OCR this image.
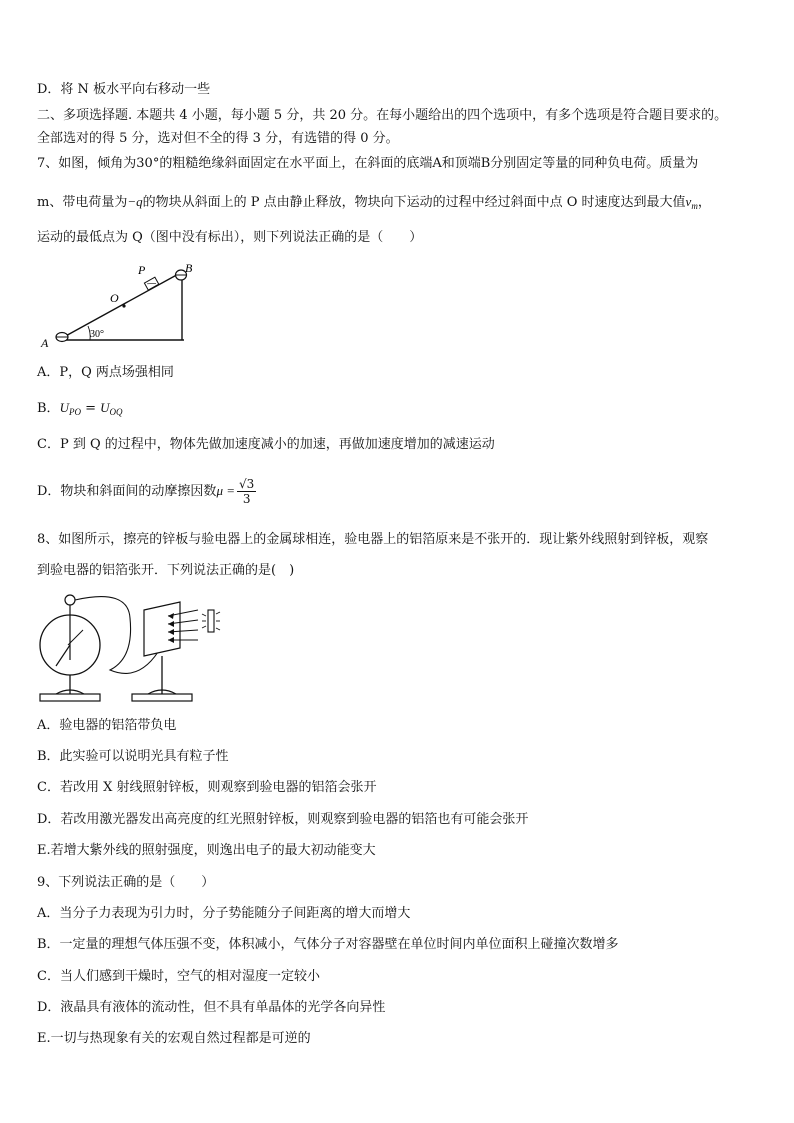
D．将 N 板水平向右移动一些
二、多项选择题. 本题共 4 小题，每小题 5 分，共 20 分。在每小题给出的四个选项中，有多个选项是符合题目要求的。
全部选对的得 5 分，选对但不全的得 3 分，有选错的得 0 分。
7、如图，倾角为30°的粗糙绝缘斜面固定在水平面上，在斜面的底端A和顶端B分别固定等量的同种负电荷。质量为
m、带电荷量为−q的物块从斜面上的 P 点由静止释放，物块向下运动的过程中经过斜面中点 O 时速度达到最大值$v_m$，
运动的最低点为 Q（图中没有标出），则下列说法正确的是（　　）
P	B
O
A
30°
A．P，Q 两点场强相同
B．$U_{PO} = U_{OQ}$
C．P 到 Q 的过程中，物体先做加速度减小的加速，再做加速度增加的减速运动
D．物块和斜面间的动摩擦因数$\mu = \frac{√3}{3}$
8、如图所示，擦亮的锌板与验电器上的金属球相连，验电器上的铝箔原来是不张开的．现让紫外线照射到锌板，观察
到验电器的铝箔张开．下列说法正确的是(　)
A．验电器的铝箔带负电
B．此实验可以说明光具有粒子性
C．若改用 X 射线照射锌板，则观察到验电器的铝箔会张开
D．若改用激光器发出高亮度的红光照射锌板，则观察到验电器的铝箔也有可能会张开
E.若增大紫外线的照射强度，则逸出电子的最大初动能变大
9、下列说法正确的是（　　）
A．当分子力表现为引力时，分子势能随分子间距离的增大而增大
B．一定量的理想气体压强不变，体积减小，气体分子对容器壁在单位时间内单位面积上碰撞次数增多
C．当人们感到干燥时，空气的相对湿度一定较小
D．液晶具有液体的流动性，但不具有单晶体的光学各向异性
E.一切与热现象有关的宏观自然过程都是可逆的
